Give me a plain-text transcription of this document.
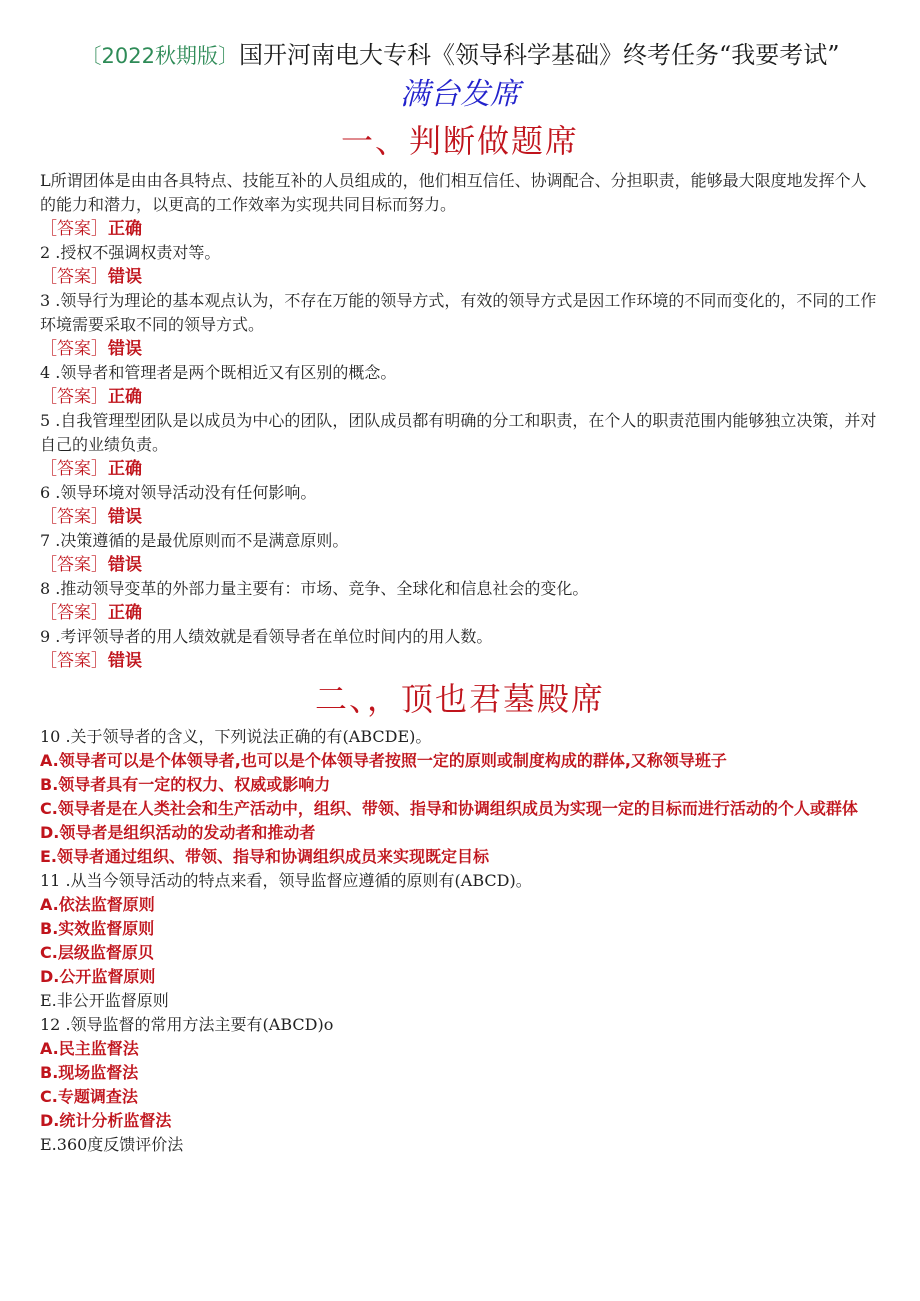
〔2022秋期版〕国开河南电大专科《领导科学基础》终考任务“我要考试”
满台发席
一、判断做题席
L所谓团体是由由各具特点、技能互补的人员组成的，他们相互信任、协调配合、分担职责，能够最大限度地发挥个人的能力和潜力，以更高的工作效率为实现共同目标而努力。
［答案］正确
2 .授权不强调权责对等。
［答案］错误
3 .领导行为理论的基本观点认为，不存在万能的领导方式，有效的领导方式是因工作环境的不同而变化的，不同的工作环境需要采取不同的领导方式。
［答案］错误
4 .领导者和管理者是两个既相近又有区别的概念。
［答案］正确
5 .自我管理型团队是以成员为中心的团队，团队成员都有明确的分工和职责，在个人的职责范围内能够独立决策，并对自己的业绩负责。
［答案］正确
6 .领导环境对领导活动没有任何影响。
［答案］错误
7 .决策遵循的是最优原则而不是满意原则。
［答案］错误
8 .推动领导变革的外部力量主要有：市场、竞争、全球化和信息社会的变化。
［答案］正确
9 .考评领导者的用人绩效就是看领导者在单位时间内的用人数。
［答案］错误
二、，顶也君墓殿席
10 .关于领导者的含义，下列说法正确的有(ABCDE)。
A.领导者可以是个体领导者,也可以是个体领导者按照一定的原则或制度构成的群体,又称领导班子
B.领导者具有一定的权力、权威或影响力
C.领导者是在人类社会和生产活动中，组织、带领、指导和协调组织成员为实现一定的目标而进行活动的个人或群体
D.领导者是组织活动的发动者和推动者
E.领导者通过组织、带领、指导和协调组织成员来实现既定目标
11 .从当今领导活动的特点来看，领导监督应遵循的原则有(ABCD)。
A.依法监督原则
B.实效监督原则
C.层级监督原贝
D.公开监督原则
E.非公开监督原则
12 .领导监督的常用方法主要有(ABCD)o
A.民主监督法
B.现场监督法
C.专题调查法
D.统计分析监督法
E.360度反馈评价法
